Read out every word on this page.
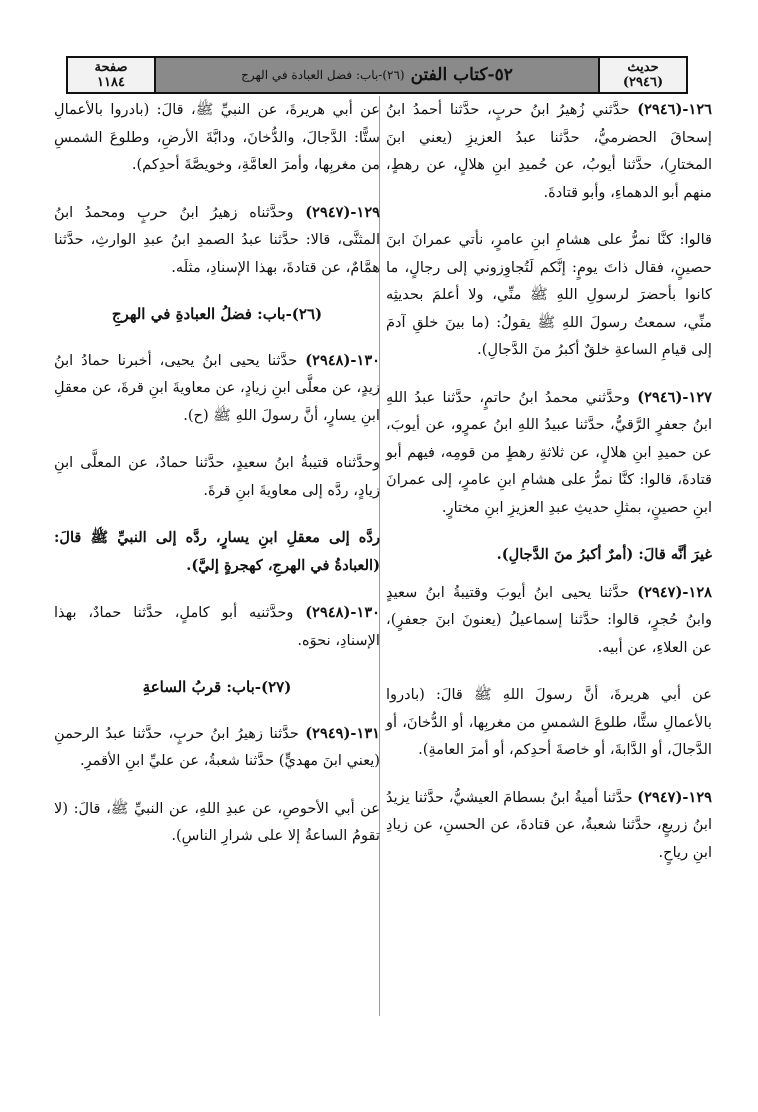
صفحة
١١٨٤	٥٢-كتاب الفتن
(٢٦)-باب: فضل العبادة في الهرج	حديث
(٢٩٤٦)

١٢٦-(٢٩٤٦) حدَّثني زُهيرُ ابنُ حربٍ، حدَّثنا أحمدُ ابنُ إسحاقَ الحضرميُّ، حدَّثنا عبدُ العزيزِ (يعني ابنَ المختارِ)، حدَّثنا أيوبُ، عن حُميدِ ابنِ هلالٍ، عن رهطٍ، منهم أبو الدهماءِ، وأبو قتادةَ.

قالوا: كنَّا نمرُّ على هشامِ ابنِ عامرٍ، نأتي عمرانَ ابنَ حصينٍ، فقال ذاتَ يومٍ: إنَّكم لَتُجاوِزوني إلى رجالٍ، ما كانوا بأحضرَ لرسولِ اللهِ ﷺ منِّي، ولا أعلمَ بحديثِه منِّي، سمعتُ رسولَ اللهِ ﷺ يقولُ: (ما بينَ خلقِ آدمَ إلى قيامِ الساعةِ خلقٌ أكبرُ منَ الدَّجالِ).

١٢٧-(٢٩٤٦) وحدَّثني محمدُ ابنُ حاتمٍ، حدَّثنا عبدُ اللهِ ابنُ جعفرٍ الرَّقيُّ، حدَّثنا عبيدُ اللهِ ابنُ عمرٍو، عن أيوبَ، عن حميدِ ابنِ هلالٍ، عن ثلاثةِ رهطٍ من قومِه، فيهم أبو قتادةَ، قالوا: كنَّا نمرُّ على هشامِ ابنِ عامرٍ، إلى عمرانَ ابنِ حصينٍ، بمثلِ حديثِ عبدِ العزيزِ ابنِ مختارٍ.

غيرَ أنَّه قالَ: (أمرٌ أكبرُ منَ الدَّجالِ).

١٢٨-(٢٩٤٧) حدَّثنا يحيى ابنُ أيوبَ وقتيبةُ ابنُ سعيدٍ وابنُ حُجرٍ، قالوا: حدَّثنا إسماعيلُ (يعنونَ ابنَ جعفرٍ)، عن العلاءِ، عن أبيه.

عن أبي هريرةَ، أنَّ رسولَ اللهِ ﷺ قالَ: (بادروا بالأعمالِ ستًّا، طلوعَ الشمسِ من مغربِها، أو الدُّخانَ، أو الدَّجالَ، أو الدَّابةَ، أو خاصةَ أحدِكم، أو أمرَ العامةِ).

١٢٩-(٢٩٤٧) حدَّثنا أميةُ ابنُ بسطامَ العيشيُّ، حدَّثنا يزيدُ ابنُ زريعٍ، حدَّثنا شعبةُ، عن قتادةَ، عن الحسنِ، عن زيادِ ابنِ رياحٍ.

عن أبي هريرةَ، عن النبيِّ ﷺ، قالَ: (بادروا بالأعمالِ ستًّا: الدَّجالَ، والدُّخانَ، ودابَّةَ الأرضِ، وطلوعَ الشمسِ من مغربِها، وأمرَ العامَّةِ، وخويصَّةَ أحدِكم).

١٢٩-(٢٩٤٧) وحدَّثناه زهيرُ ابنُ حربٍ ومحمدُ ابنُ المثنَّى، قالا: حدَّثنا عبدُ الصمدِ ابنُ عبدِ الوارثِ، حدَّثنا همَّامٌ، عن قتادةَ، بهذا الإسنادِ، مثلَه.

(٢٦)-باب: فضلُ العبادةِ في الهرجِ

١٣٠-(٢٩٤٨) حدَّثنا يحيى ابنُ يحيى، أخبرنا حمادُ ابنُ زيدٍ، عن معلَّى ابنِ زيادٍ، عن معاويةَ ابنِ قرةَ، عن معقلِ ابنِ يسارٍ، أنَّ رسولَ اللهِ ﷺ (ح).

وحدَّثناه قتيبةُ ابنُ سعيدٍ، حدَّثنا حمادٌ، عن المعلَّى ابنِ زيادٍ، ردَّه إلى معاويةَ ابنِ قرةَ.

ردَّه إلى معقلِ ابنِ يسارٍ، ردَّه إلى النبيِّ ﷺ قالَ: (العبادةُ في الهرجِ، كهجرةٍ إليَّ).

١٣٠-(٢٩٤٨) وحدَّثنيه أبو كاملٍ، حدَّثنا حمادٌ، بهذا الإسنادِ، نحوَه.

(٢٧)-باب: قربُ الساعةِ

١٣١-(٢٩٤٩) حدَّثنا زهيرُ ابنُ حربٍ، حدَّثنا عبدُ الرحمنِ (يعني ابنَ مهديٍّ) حدَّثنا شعبةُ، عن عليِّ ابنِ الأقمرِ.

عن أبي الأحوصِ، عن عبدِ اللهِ، عن النبيِّ ﷺ، قالَ: (لا تقومُ الساعةُ إلا على شرارِ الناسِ).
